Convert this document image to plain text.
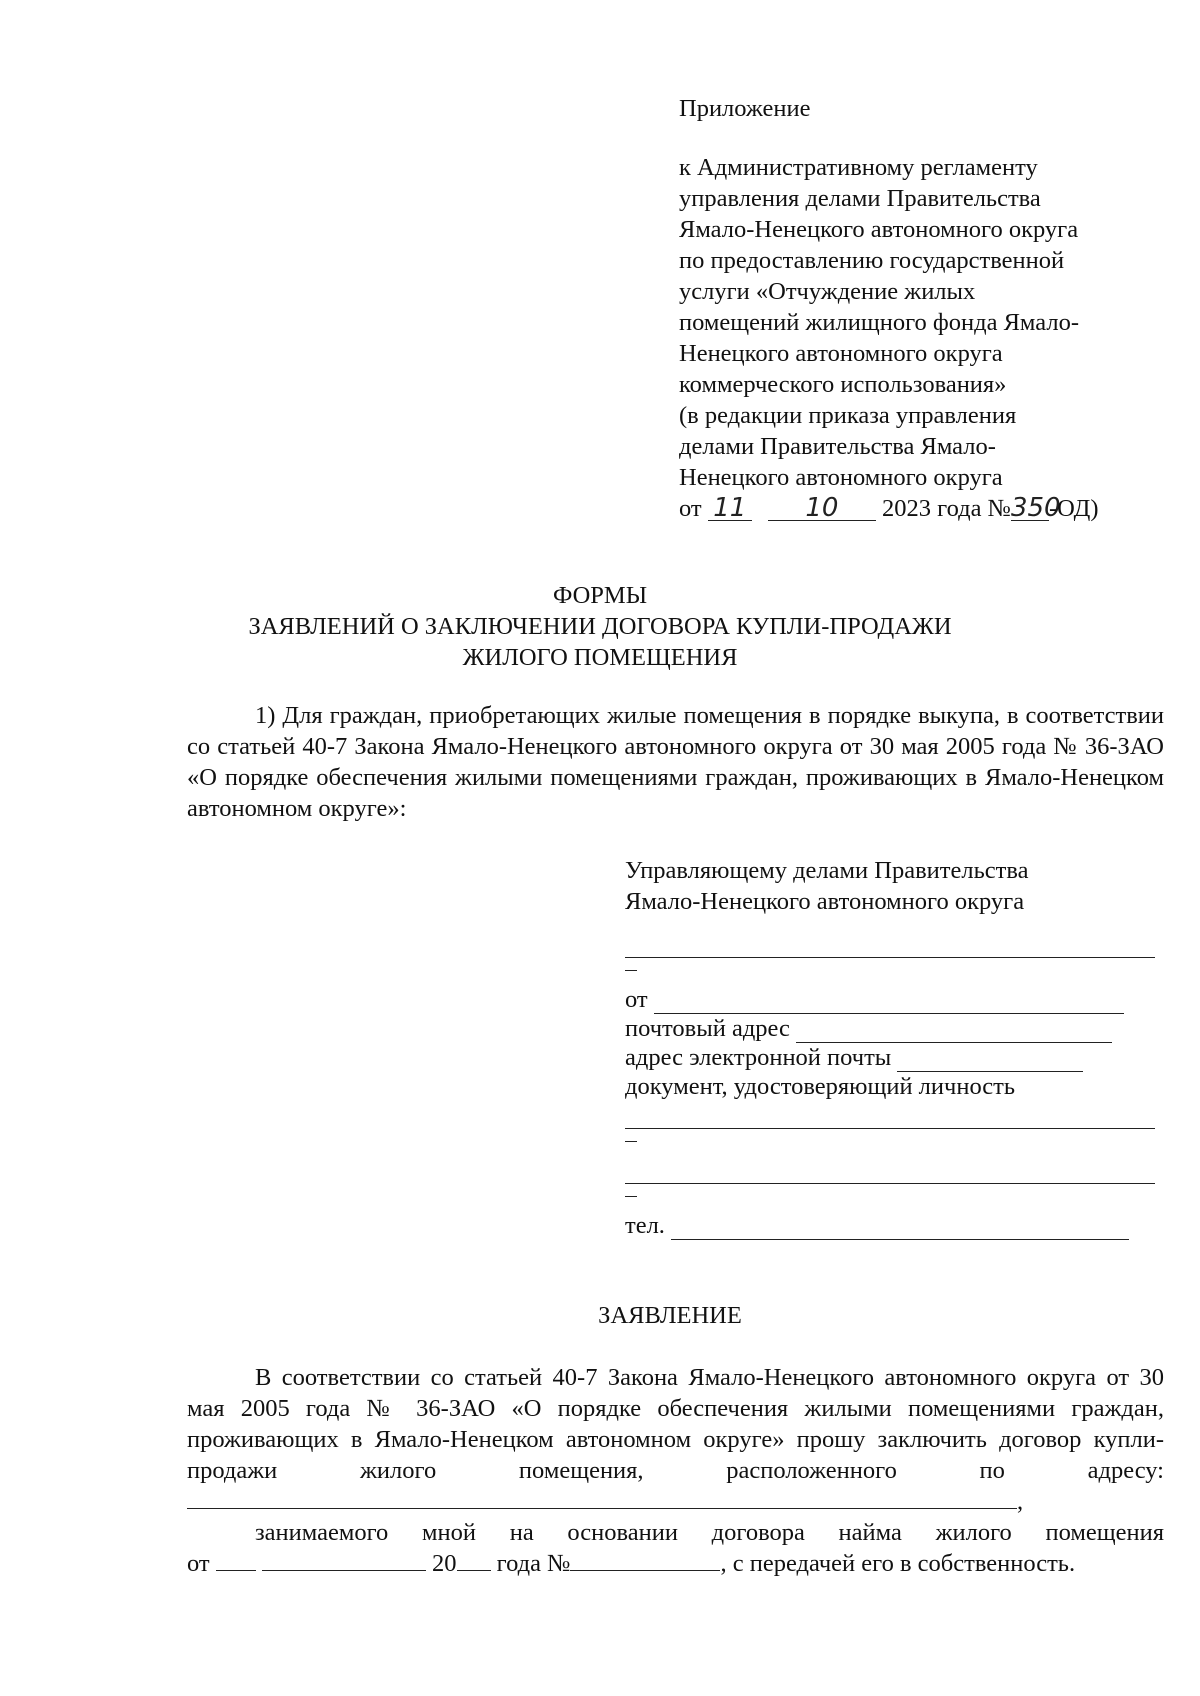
Приложение
к Административному регламенту
управления делами Правительства
Ямало-Ненецкого автономного округа
по предоставлению государственной
услуги «Отчуждение жилых
помещений жилищного фонда Ямало-
Ненецкого автономного округа
коммерческого использования»
(в редакции приказа управления
делами Правительства Ямало-
Ненецкого автономного округа
от 11 10 2023 года №350-ОД)
ФОРМЫ
ЗАЯВЛЕНИЙ О ЗАКЛЮЧЕНИИ ДОГОВОРА КУПЛИ-ПРОДАЖИ
ЖИЛОГО ПОМЕЩЕНИЯ
1) Для граждан, приобретающих жилые помещения в порядке выкупа, в соответствии со статьей 40-7 Закона Ямало-Ненецкого автономного округа от 30 мая 2005 года № 36-ЗАО «О порядке обеспечения жилыми помещениями граждан, проживающих в Ямало-Ненецком автономном округе»:
Управляющему делами Правительства
Ямало-Ненецкого автономного округа
от
почтовый адрес
адрес электронной почты
документ, удостоверяющий личность
тел.
ЗАЯВЛЕНИЕ
В соответствии со статьей 40-7 Закона Ямало-Ненецкого автономного округа от 30 мая 2005 года № 36-ЗАО «О порядке обеспечения жилыми помещениями граждан, проживающих в Ямало-Ненецком автономном округе» прошу заключить договор купли-продажи жилого помещения, расположенного по адресу: ,
занимаемого мной на основании договора найма жилого помещения
от	20 года №	, с передачей его в собственность.
